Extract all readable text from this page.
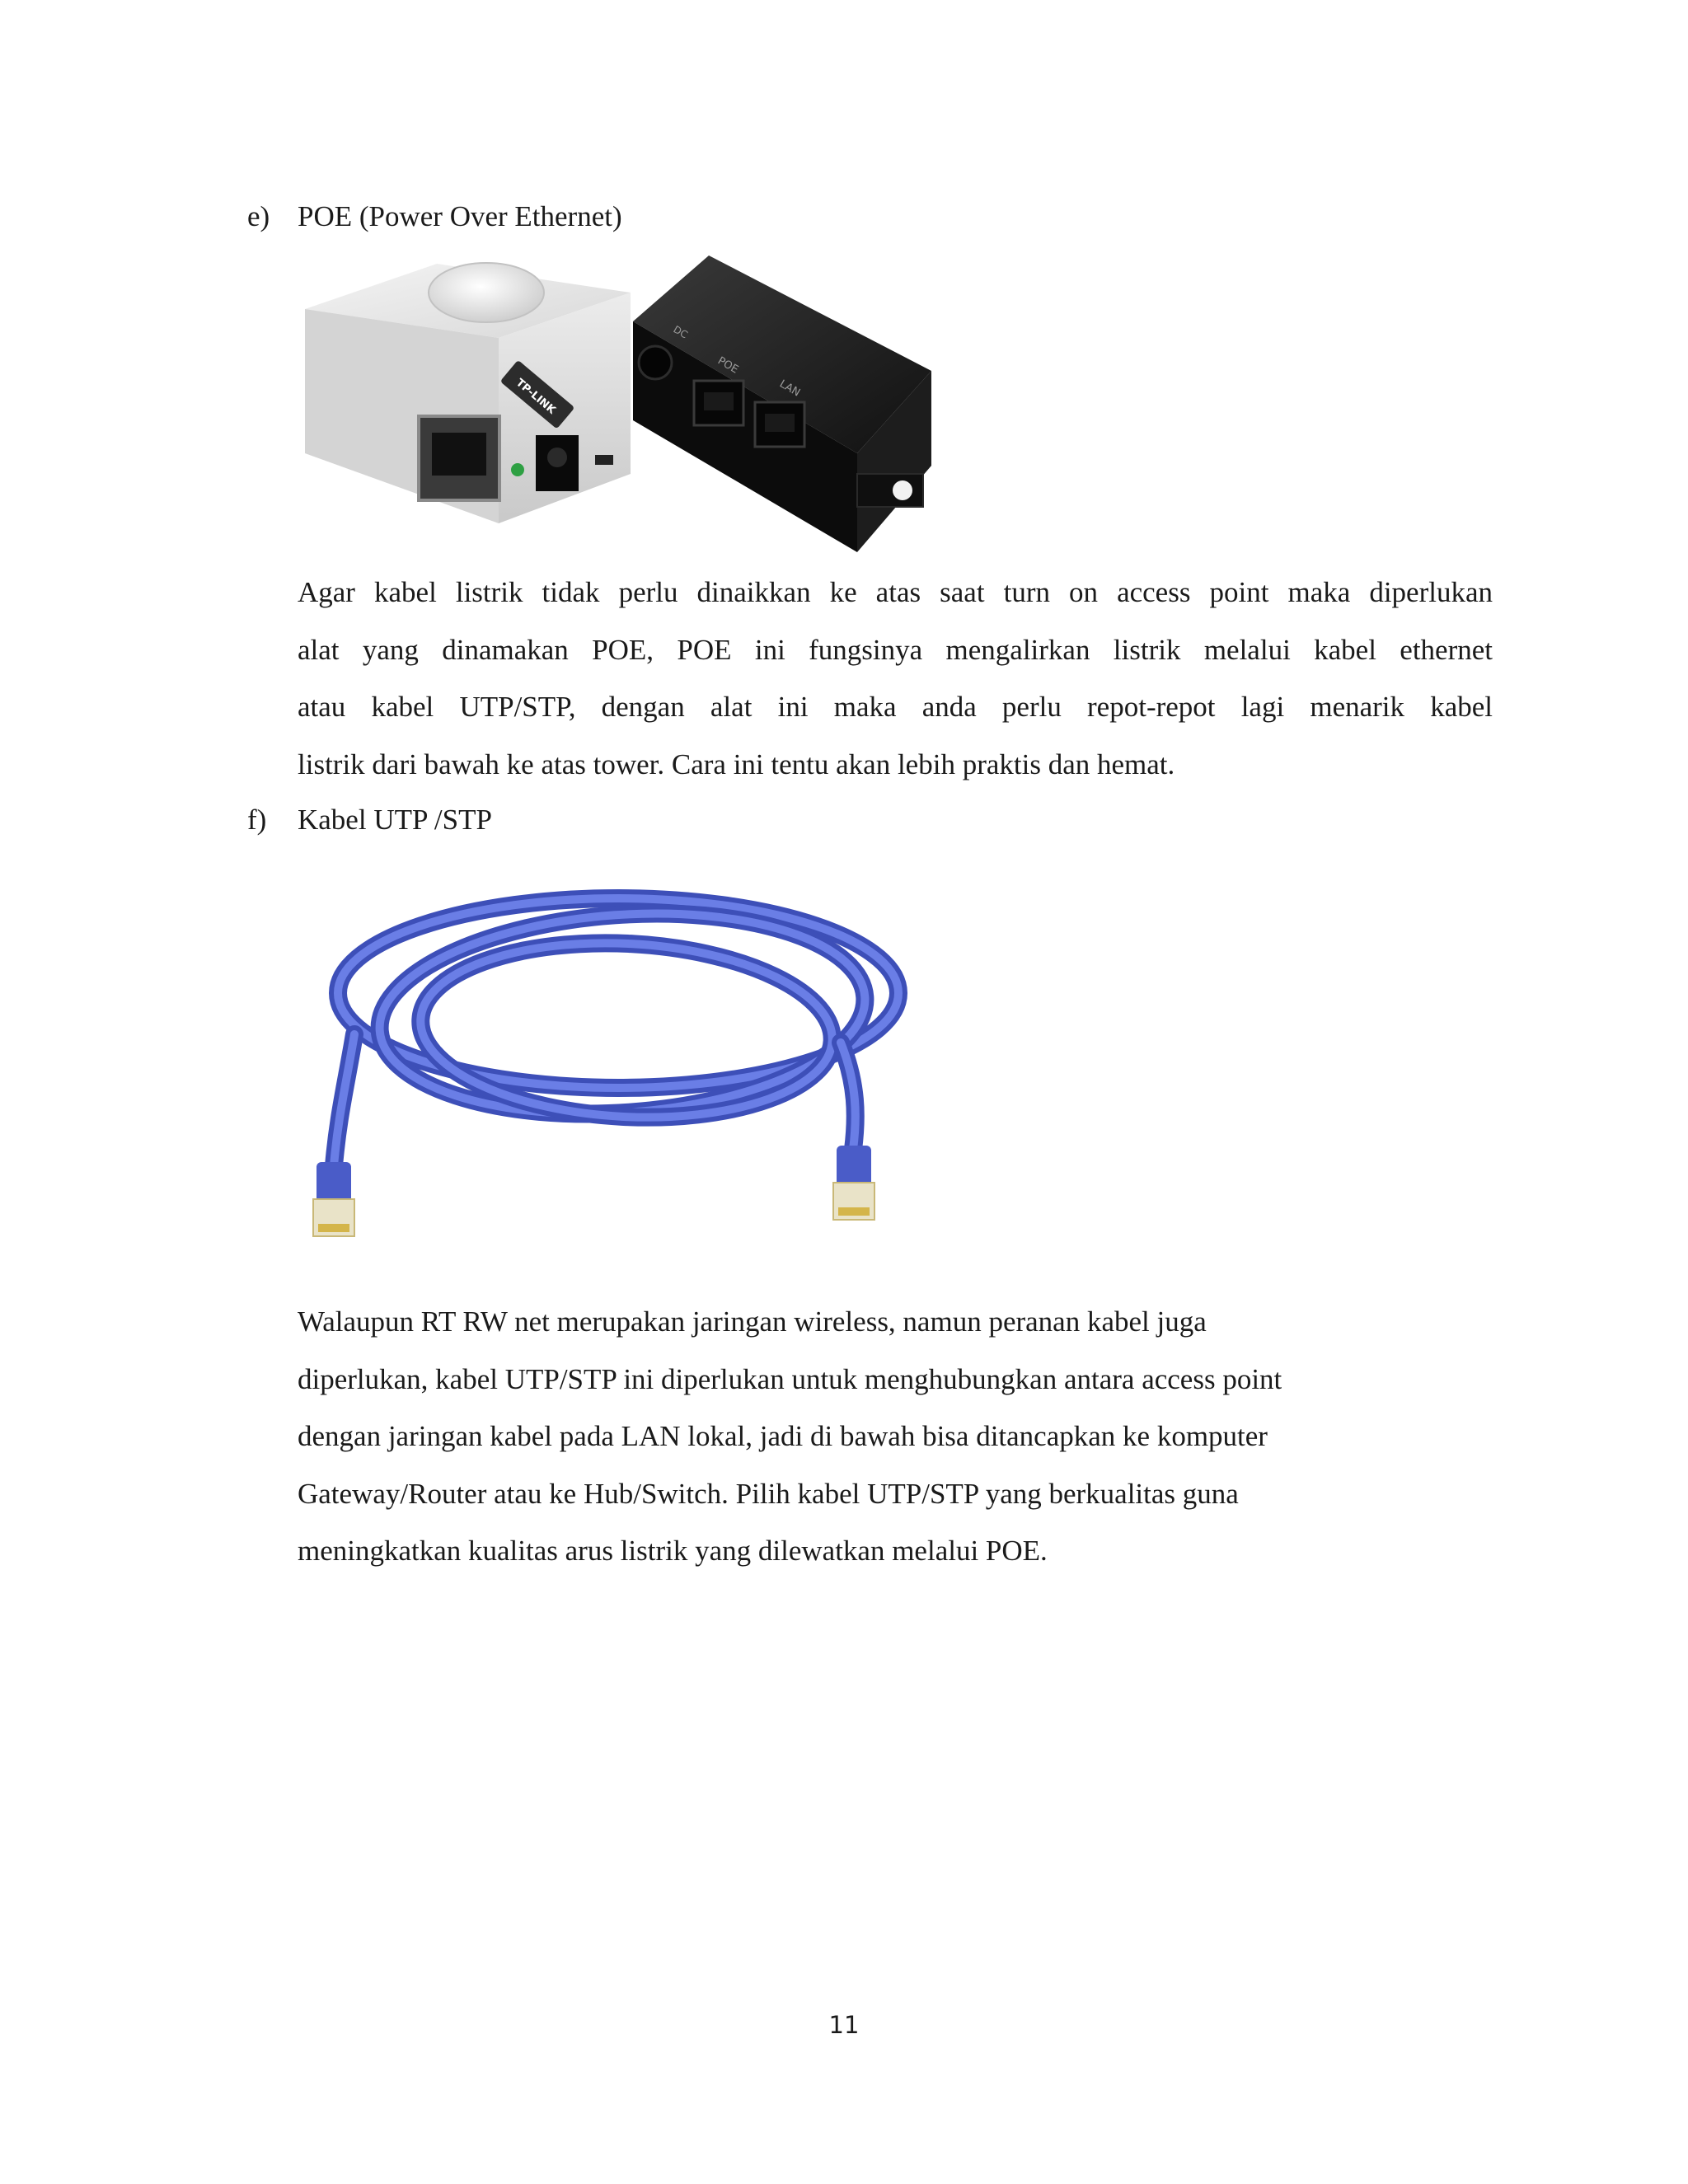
e) POE (Power Over Ethernet)
DC
POE
LAN
TP-LINK

Agar kabel listrik tidak perlu dinaikkan ke atas saat turn on access point maka diperlukan

alat yang dinamakan POE, POE ini fungsinya mengalirkan listrik melalui kabel ethernet

atau kabel UTP/STP, dengan alat ini maka anda perlu repot-repot lagi menarik kabel

listrik dari bawah ke atas tower. Cara ini tentu akan lebih praktis dan hemat.

f) Kabel UTP /STP

Walaupun RT RW net merupakan jaringan wireless, namun peranan kabel juga

diperlukan, kabel UTP/STP ini diperlukan untuk menghubungkan antara access point

dengan jaringan kabel pada LAN lokal, jadi di bawah bisa ditancapkan ke komputer

Gateway/Router atau ke Hub/Switch. Pilih kabel UTP/STP yang berkualitas guna

meningkatkan kualitas arus listrik yang dilewatkan melalui POE.

11
